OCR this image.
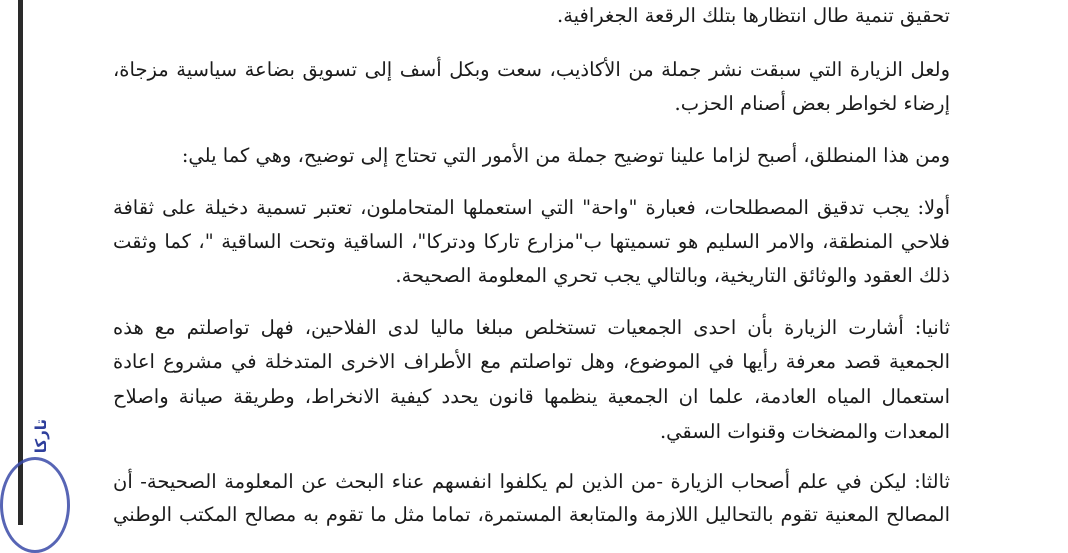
تحقيق تنمية طال انتظارها بتلك الرقعة الجغرافية.
ولعل الزيارة التي سبقت نشر جملة من الأكاذيب، سعت وبكل أسف إلى تسويق بضاعة سياسية مزجاة،
إرضاء لخواطر بعض أصنام الحزب.
ومن هذا المنطلق، أصبح لزاما علينا توضيح جملة من الأمور التي تحتاج إلى توضيح، وهي كما يلي:
أولا: يجب تدقيق المصطلحات، فعبارة "واحة" التي استعملها المتحاملون، تعتبر تسمية دخيلة على ثقافة
فلاحي المنطقة، والامر السليم هو تسميتها ب"مزارع تاركا ودتركا"، الساقية وتحت الساقية "، كما وثقت
ذلك العقود والوثائق التاريخية، وبالتالي يجب تحري المعلومة الصحيحة.
ثانيا: أشارت الزيارة بأن احدى الجمعيات تستخلص مبلغا ماليا لدى الفلاحين، فهل تواصلتم مع هذه
الجمعية قصد معرفة رأيها في الموضوع، وهل تواصلتم مع الأطراف الاخرى المتدخلة في مشروع اعادة
استعمال المياه العادمة، علما ان الجمعية ينظمها قانون يحدد كيفية الانخراط، وطريقة صيانة واصلاح
المعدات والمضخات وقنوات السقي.
ثالثا: ليكن في علم أصحاب الزيارة -من الذين لم يكلفوا انفسهم عناء البحث عن المعلومة الصحيحة- أن
المصالح المعنية تقوم بالتحاليل اللازمة والمتابعة المستمرة، تماما مثل ما تقوم به مصالح المكتب الوطني
تاركا
